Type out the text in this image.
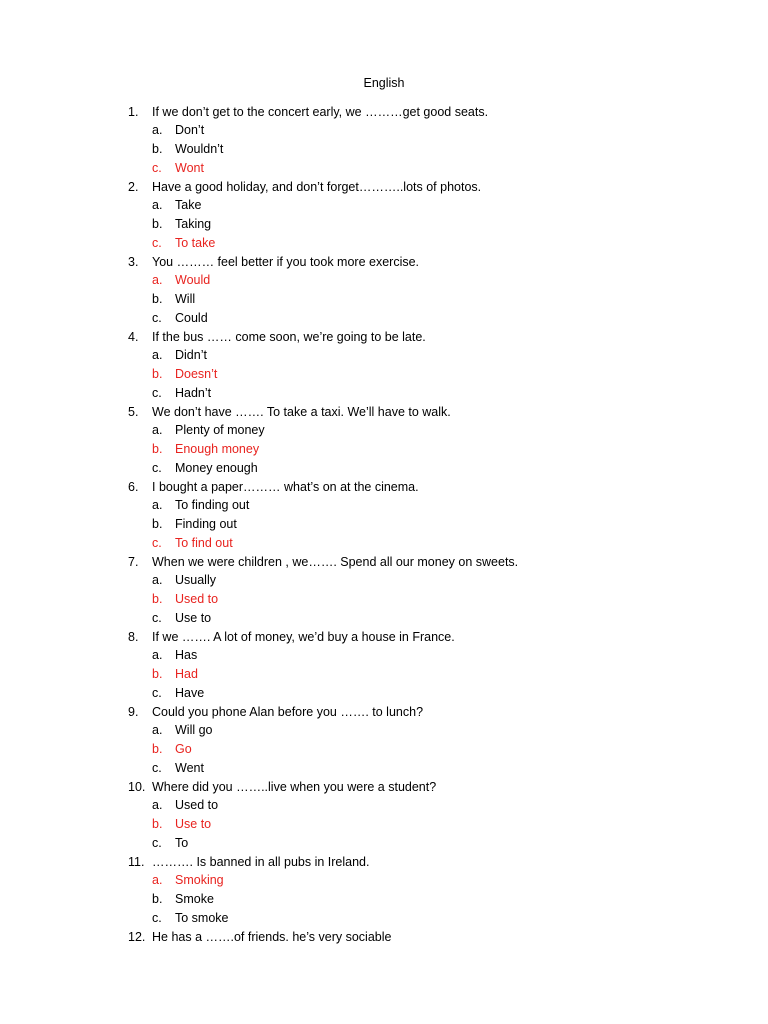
English
1.	If we don’t get to the concert early, we ………get good seats.
a.	Don’t
b.	Wouldn’t
c.	Wont
2.	Have a good holiday, and don’t forget………..lots of photos.
a.	Take
b.	Taking
c.	To take
3.	You ……… feel better if you took more exercise.
a.	Would
b.	Will
c.	Could
4.	If the bus …… come soon, we’re going to be late.
a.	Didn’t
b.	Doesn’t
c.	Hadn’t
5.	We don’t have ……. To take a taxi. We’ll have to walk.
a.	Plenty of money
b.	Enough money
c.	Money enough
6.	I bought a paper……… what’s on at the cinema.
a.	To finding out
b.	Finding out
c.	To find out
7.	When we were children , we……. Spend all our money on sweets.
a.	Usually
b.	Used to
c.	Use to
8.	If we ……. A lot of money, we’d buy a house in France.
a.	Has
b.	Had
c.	Have
9.	Could you phone Alan before you ……. to lunch?
a.	Will go
b.	Go
c.	Went
10. Where did you ……..live when you were a student?
a.	Used to
b.	Use to
c.	To
11. ………. Is banned in all pubs in Ireland.
a.	Smoking
b.	Smoke
c.	To smoke
12. He has a …….of friends. he’s very sociable
